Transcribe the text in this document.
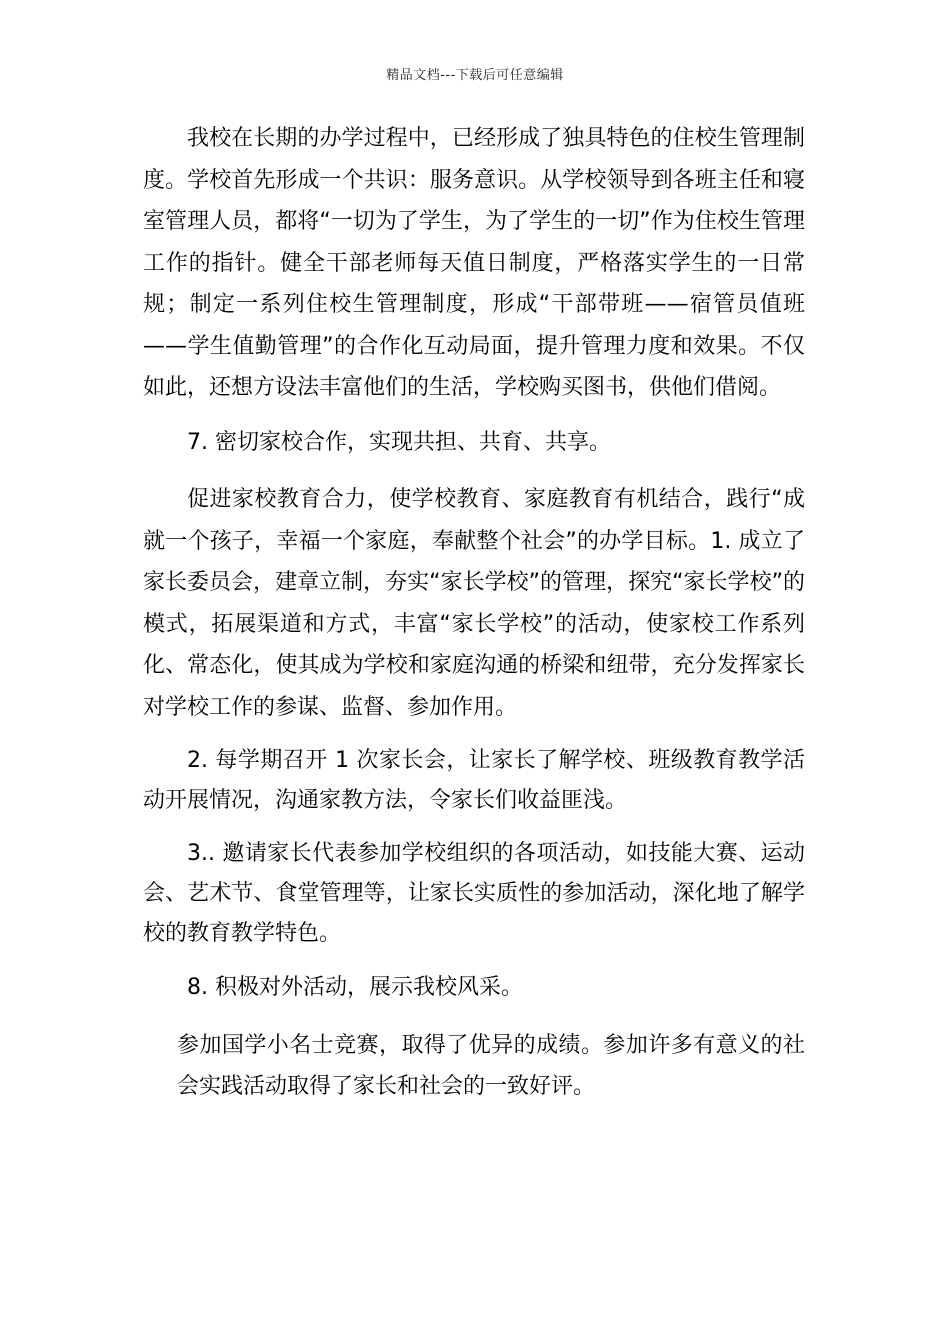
精品文档---下载后可任意编辑

我校在长期的办学过程中，已经形成了独具特色的住校生管理制度。学校首先形成一个共识：服务意识。从学校领导到各班主任和寝室管理人员，都将“一切为了学生，为了学生的一切”作为住校生管理工作的指针。健全干部老师每天值日制度，严格落实学生的一日常规；制定一系列住校生管理制度，形成“干部带班——宿管员值班——学生值勤管理”的合作化互动局面，提升管理力度和效果。不仅如此，还想方设法丰富他们的生活，学校购买图书，供他们借阅。

7. 密切家校合作，实现共担、共育、共享。

促进家校教育合力，使学校教育、家庭教育有机结合，践行“成就一个孩子，幸福一个家庭，奉献整个社会”的办学目标。1. 成立了家长委员会，建章立制，夯实“家长学校”的管理，探究“家长学校”的模式，拓展渠道和方式，丰富“家长学校”的活动，使家校工作系列化、常态化，使其成为学校和家庭沟通的桥梁和纽带，充分发挥家长对学校工作的参谋、监督、参加作用。

2. 每学期召开 1 次家长会，让家长了解学校、班级教育教学活动开展情况，沟通家教方法，令家长们收益匪浅。

3.. 邀请家长代表参加学校组织的各项活动，如技能大赛、运动会、艺术节、食堂管理等，让家长实质性的参加活动，深化地了解学校的教育教学特色。

8. 积极对外活动，展示我校风采。

参加国学小名士竞赛，取得了优异的成绩。参加许多有意义的社会实践活动取得了家长和社会的一致好评。
